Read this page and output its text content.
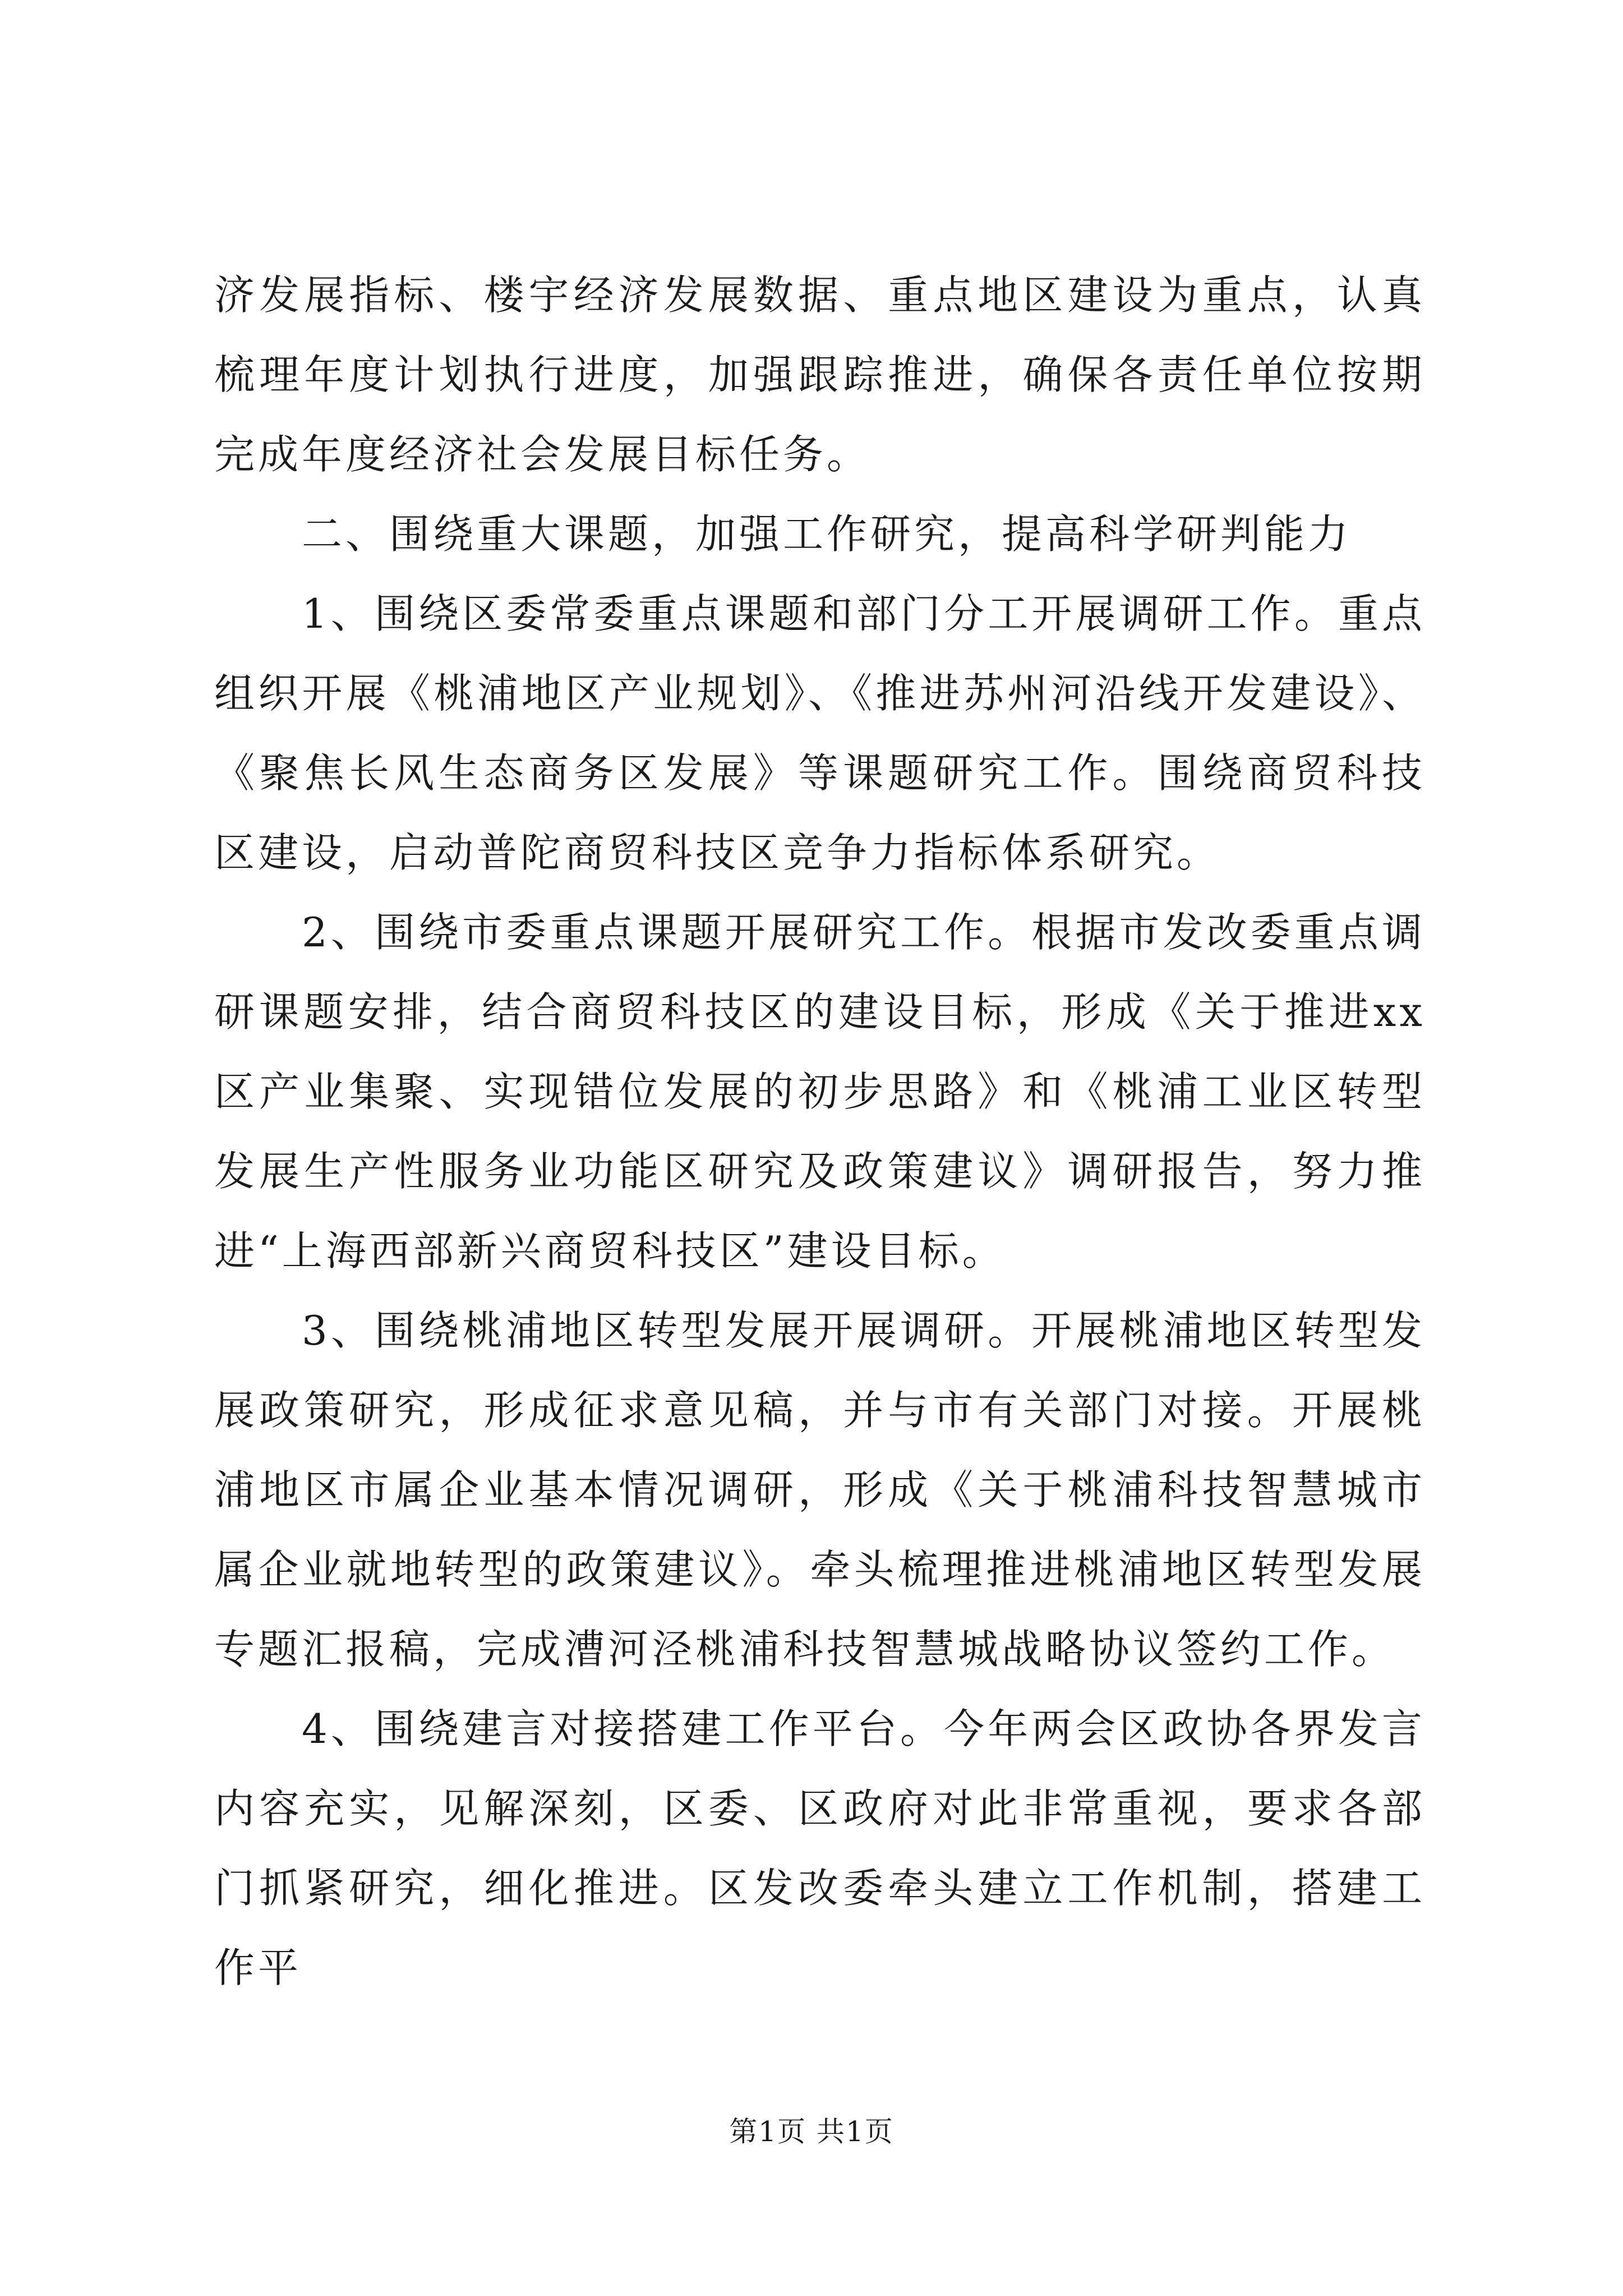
济发展指标、楼宇经济发展数据、重点地区建设为重点，认真梳理年度计划执行进度，加强跟踪推进，确保各责任单位按期完成年度经济社会发展目标任务。

二、围绕重大课题，加强工作研究，提高科学研判能力

1、围绕区委常委重点课题和部门分工开展调研工作。重点组织开展《桃浦地区产业规划》、《推进苏州河沿线开发建设》、《聚焦长风生态商务区发展》等课题研究工作。围绕商贸科技区建设，启动普陀商贸科技区竞争力指标体系研究。

2、围绕市委重点课题开展研究工作。根据市发改委重点调研课题安排，结合商贸科技区的建设目标，形成《关于推进xx区产业集聚、实现错位发展的初步思路》和《桃浦工业区转型发展生产性服务业功能区研究及政策建议》调研报告，努力推进“上海西部新兴商贸科技区”建设目标。

3、围绕桃浦地区转型发展开展调研。开展桃浦地区转型发展政策研究，形成征求意见稿，并与市有关部门对接。开展桃浦地区市属企业基本情况调研，形成《关于桃浦科技智慧城市属企业就地转型的政策建议》。牵头梳理推进桃浦地区转型发展专题汇报稿，完成漕河泾桃浦科技智慧城战略协议签约工作。

4、围绕建言对接搭建工作平台。今年两会区政协各界发言内容充实，见解深刻，区委、区政府对此非常重视，要求各部门抓紧研究，细化推进。区发改委牵头建立工作机制，搭建工作平

第1页 共1页
